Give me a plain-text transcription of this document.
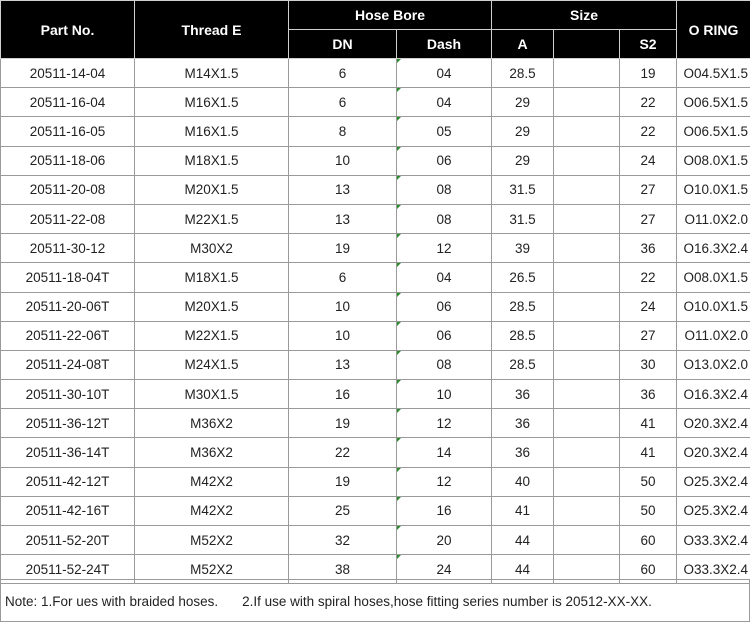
Part No.	Thread E	Hose Bore		Size			O RING
		DN	Dash	A		S2	
20511-14-04	M14X1.5	6	04	28.5		19	O04.5X1.5
20511-16-04	M16X1.5	6	04	29		22	O06.5X1.5
20511-16-05	M16X1.5	8	05	29		22	O06.5X1.5
20511-18-06	M18X1.5	10	06	29		24	O08.0X1.5
20511-20-08	M20X1.5	13	08	31.5		27	O10.0X1.5
20511-22-08	M22X1.5	13	08	31.5		27	O11.0X2.0
20511-30-12	M30X2	19	12	39		36	O16.3X2.4
20511-18-04T	M18X1.5	6	04	26.5		22	O08.0X1.5
20511-20-06T	M20X1.5	10	06	28.5		24	O10.0X1.5
20511-22-06T	M22X1.5	10	06	28.5		27	O11.0X2.0
20511-24-08T	M24X1.5	13	08	28.5		30	O13.0X2.0
20511-30-10T	M30X1.5	16	10	36		36	O16.3X2.4
20511-36-12T	M36X2	19	12	36		41	O20.3X2.4
20511-36-14T	M36X2	22	14	36		41	O20.3X2.4
20511-42-12T	M42X2	19	12	40		50	O25.3X2.4
20511-42-16T	M42X2	25	16	41		50	O25.3X2.4
20511-52-20T	M52X2	32	20	44		60	O33.3X2.4
20511-52-24T	M52X2	38	24	44		60	O33.3X2.4
Note: 1.For ues with braided hoses. 2.If use with spiral hoses,hose fitting series number is 20512-XX-XX.
